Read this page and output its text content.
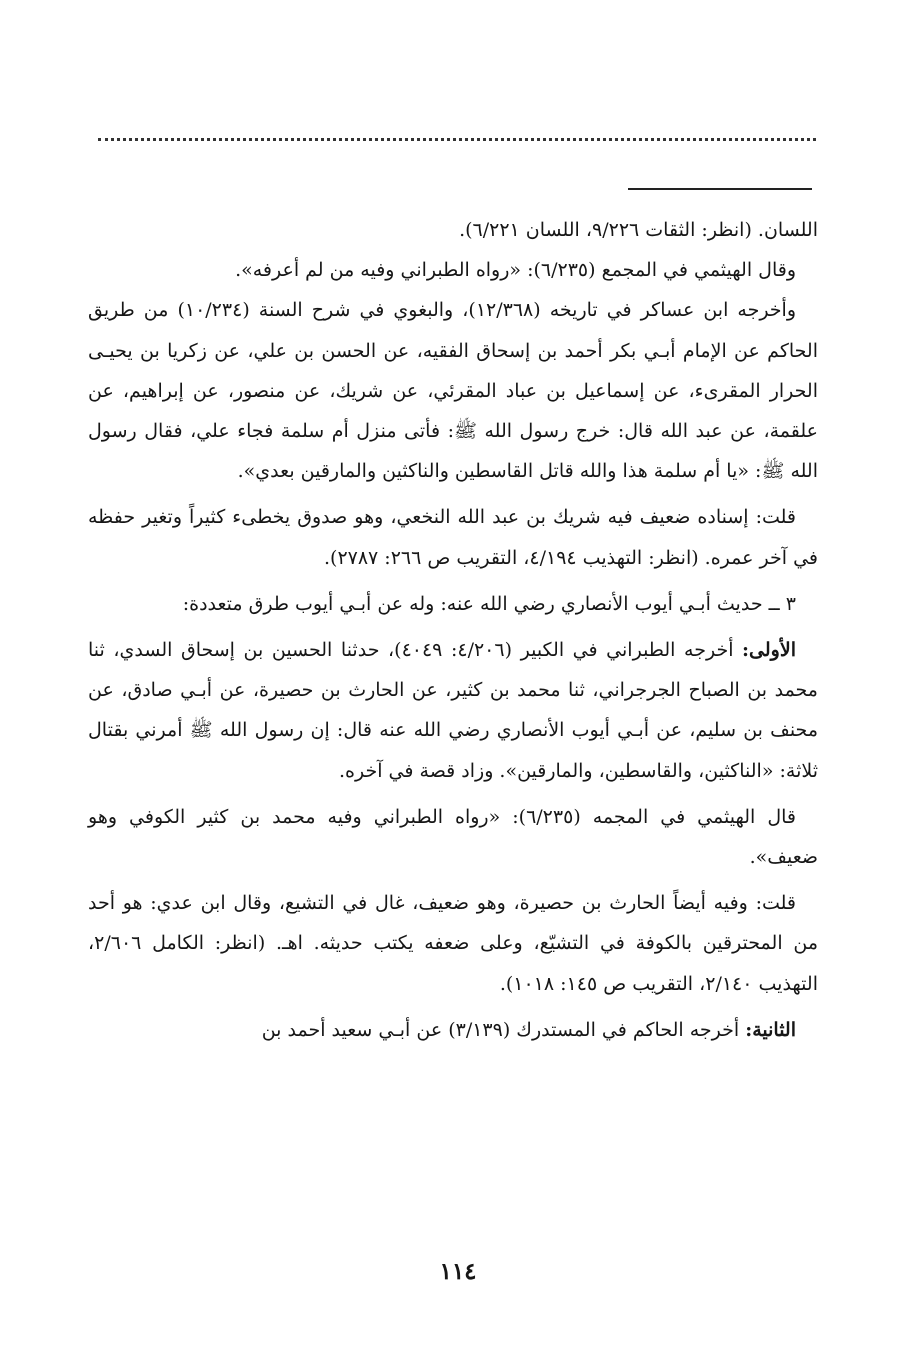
اللسان. (انظر: الثقات ٩/٢٢٦، اللسان ٦/٢٢١).

وقال الهيثمي في المجمع (٦/٢٣٥): «رواه الطبراني وفيه من لم أعرفه».

وأخرجه ابن عساكر في تاريخه (١٢/٣٦٨)، والبغوي في شرح السنة (١٠/٢٣٤) من طريق الحاكم عن الإمام أبـي بكر أحمد بن إسحاق الفقيه، عن الحسن بن علي، عن زكريا بن يحيـى الحرار المقرىء، عن إسماعيل بن عباد المقرئي، عن شريك، عن منصور، عن إبراهيم، عن علقمة، عن عبد الله قال: خرج رسول الله ﷺ: فأتى منزل أم سلمة فجاء علي، فقال رسول الله ﷺ: «يا أم سلمة هذا والله قاتل القاسطين والناكثين والمارقين بعدي».

قلت: إسناده ضعيف فيه شريك بن عبد الله النخعي، وهو صدوق يخطىء كثيراً وتغير حفظه في آخر عمره. (انظر: التهذيب ٤/١٩٤، التقريب ص ٢٦٦: ٢٧٨٧).

٣ ــ حديث أبـي أيوب الأنصاري رضي الله عنه: وله عن أبـي أيوب طرق متعددة:

الأولى: أخرجه الطبراني في الكبير (٤/٢٠٦: ٤٠٤٩)، حدثنا الحسين بن إسحاق السدي، ثنا محمد بن الصباح الجرجراني، ثنا محمد بن كثير، عن الحارث بن حصيرة، عن أبـي صادق، عن محنف بن سليم، عن أبـي أيوب الأنصاري رضي الله عنه قال: إن رسول الله ﷺ أمرني بقتال ثلاثة: «الناكثين، والقاسطين، والمارقين». وزاد قصة في آخره.

قال الهيثمي في المجمه (٦/٢٣٥): «رواه الطبراني وفيه محمد بن كثير الكوفي وهو ضعيف».

قلت: وفيه أيضاً الحارث بن حصيرة، وهو ضعيف، غال في التشيع، وقال ابن عدي: هو أحد من المحترقين بالكوفة في التشيّع، وعلى ضعفه يكتب حديثه. اهـ. (انظر: الكامل ٢/٦٠٦، التهذيب ٢/١٤٠، التقريب ص ١٤٥: ١٠١٨).

الثانية: أخرجه الحاكم في المستدرك (٣/١٣٩) عن أبـي سعيد أحمد بن

١١٤
